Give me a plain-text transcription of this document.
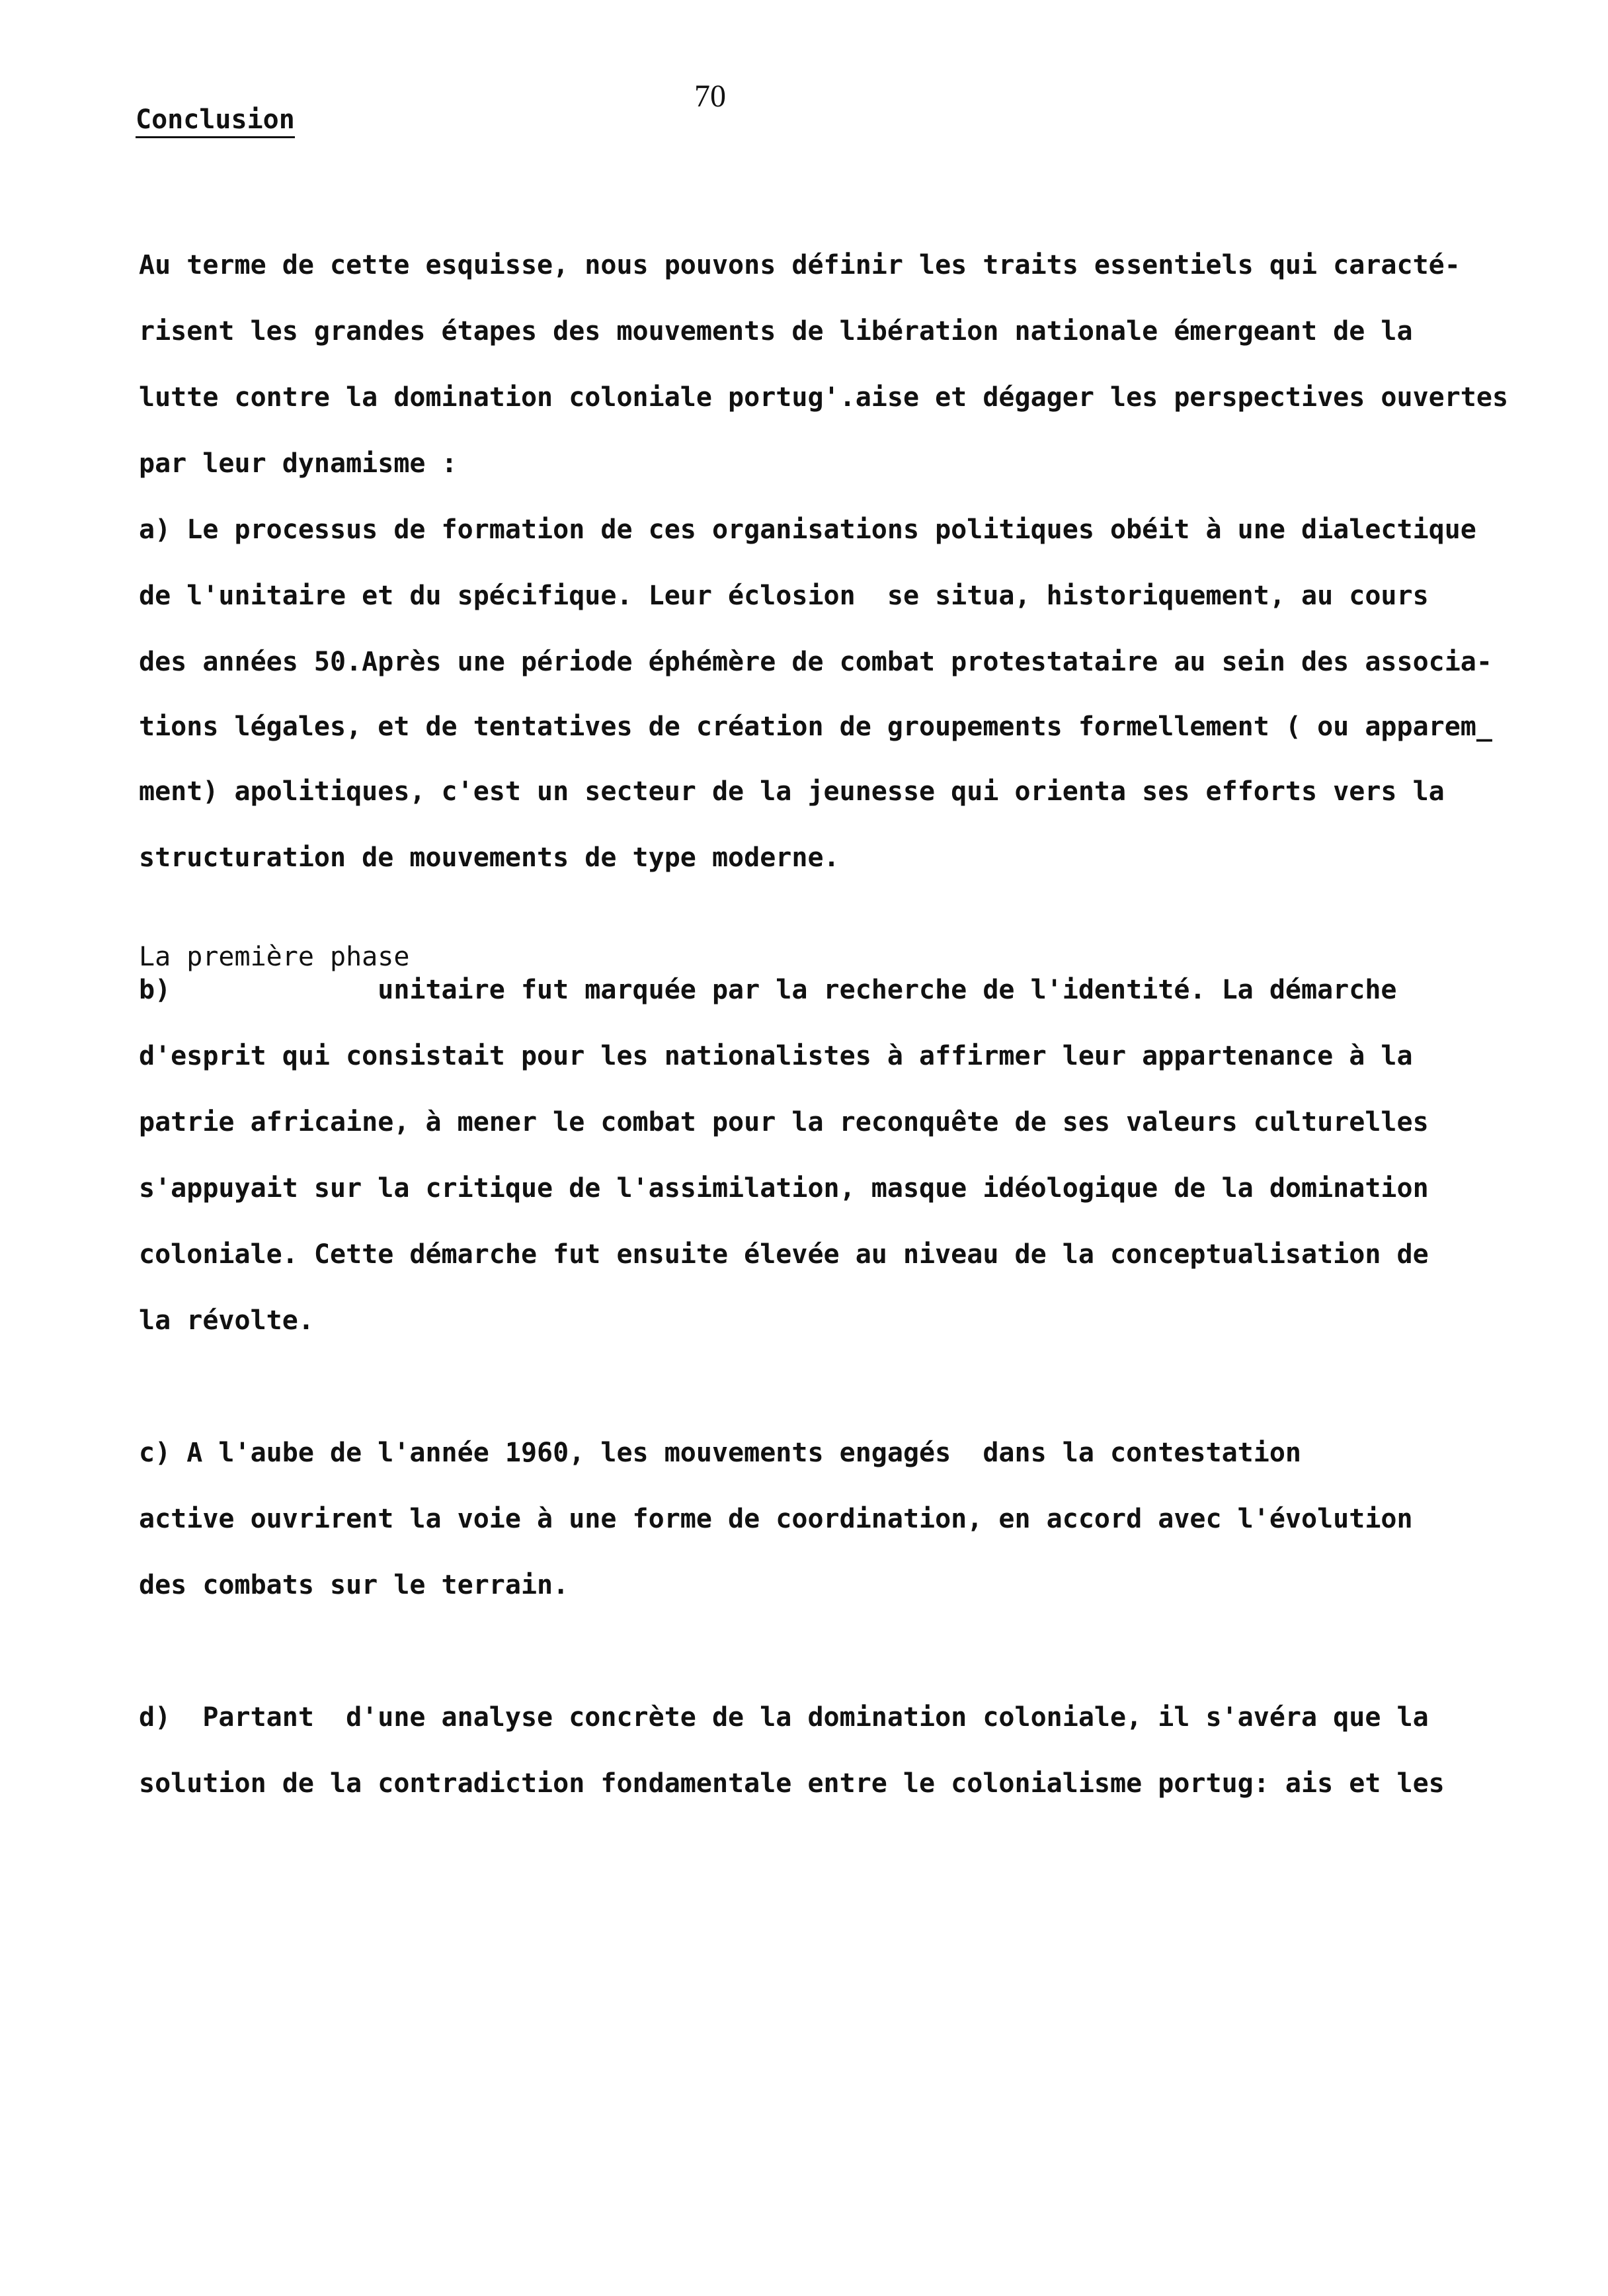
70
Conclusion
Au terme de cette esquisse, nous pouvons définir les traits essentiels qui caracté-
risent les grandes étapes des mouvements de libération nationale émergeant de la
lutte contre la domination coloniale portug'.aise et dégager les perspectives ouvertes
par leur dynamisme :
a) Le processus de formation de ces organisations politiques obéit à une dialectique
de l'unitaire et du spécifique. Leur éclosion  se situa, historiquement, au cours
des années 50.Après une période éphémère de combat protestataire au sein des associa-
tions légales, et de tentatives de création de groupements formellement ( ou apparem_
ment) apolitiques, c'est un secteur de la jeunesse qui orienta ses efforts vers la
structuration de mouvements de type moderne.
La première phase
b)             unitaire fut marquée par la recherche de l'identité. La démarche
d'esprit qui consistait pour les nationalistes à affirmer leur appartenance à la
patrie africaine, à mener le combat pour la reconquête de ses valeurs culturelles
s'appuyait sur la critique de l'assimilation, masque idéologique de la domination
coloniale. Cette démarche fut ensuite élevée au niveau de la conceptualisation de
la révolte.
c) A l'aube de l'année 1960, les mouvements engagés  dans la contestation
active ouvrirent la voie à une forme de coordination, en accord avec l'évolution
des combats sur le terrain.
d)  Partant  d'une analyse concrète de la domination coloniale, il s'avéra que la
solution de la contradiction fondamentale entre le colonialisme portug: ais et les
